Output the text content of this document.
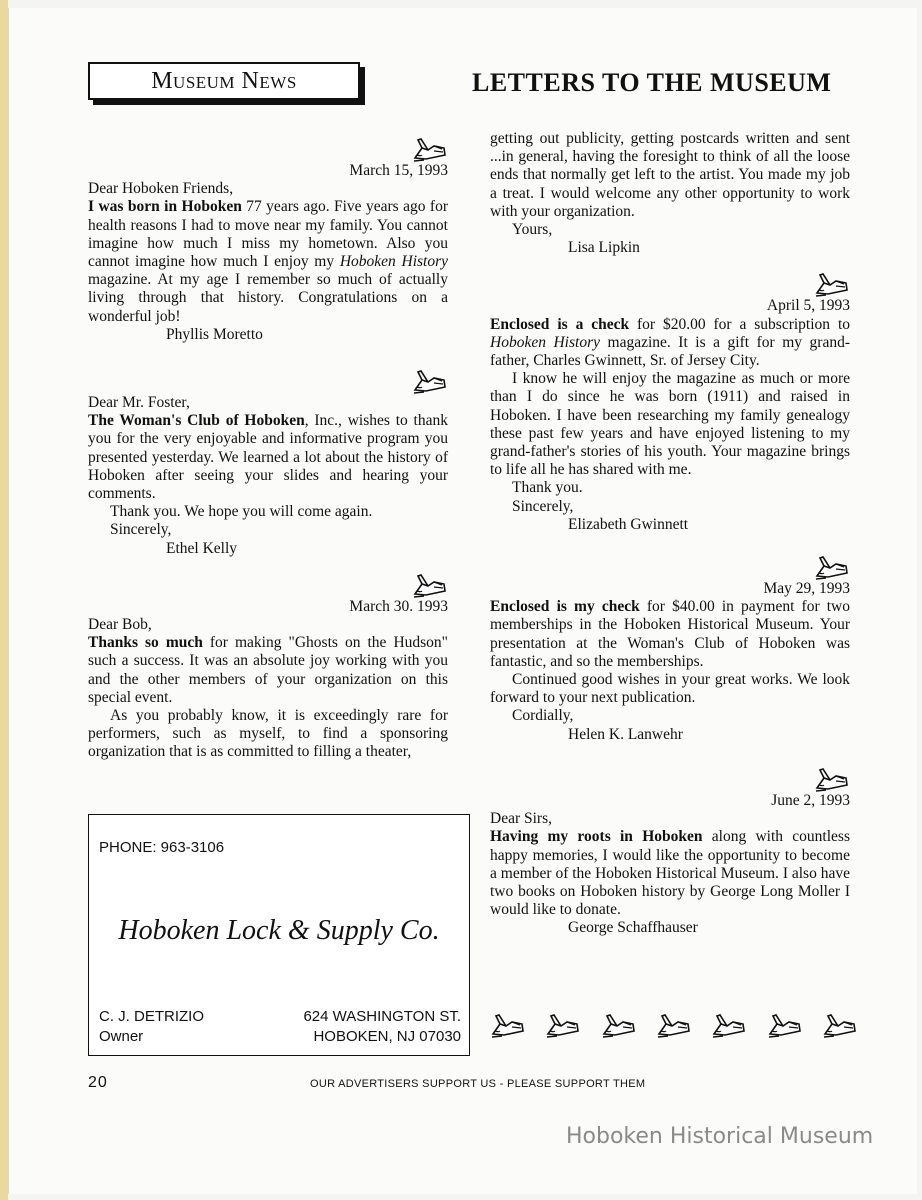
Museum News	LETTERS TO THE MUSEUM

March 15, 1993

Dear Hoboken Friends,

I was born in Hoboken 77 years ago. Five years ago for health reasons I had to move near my family. You cannot imagine how much I miss my hometown. Also you cannot imagine how much I enjoy my Hoboken History magazine. At my age I remember so much of actually living through that history. Congratulations on a wonderful job!

Phyllis Moretto

Dear Mr. Foster,

The Woman's Club of Hoboken, Inc., wishes to thank you for the very enjoyable and informative program you presented yesterday. We learned a lot about the history of Hoboken after seeing your slides and hearing your comments.

Thank you. We hope you will come again.

Sincerely,

Ethel Kelly

March 30. 1993

Dear Bob,

Thanks so much for making "Ghosts on the Hudson" such a success. It was an absolute joy working with you and the other members of your organization on this special event.

As you probably know, it is exceedingly rare for performers, such as myself, to find a sponsoring organization that is as committed to filling a theater,

getting out publicity, getting postcards written and sent ...in general, having the foresight to think of all the loose ends that normally get left to the artist. You made my job a treat. I would welcome any other opportunity to work with your organization.

Yours,

Lisa Lipkin

April 5, 1993

Enclosed is a check for $20.00 for a subscription to Hoboken History magazine. It is a gift for my grand-father, Charles Gwinnett, Sr. of Jersey City.

I know he will enjoy the magazine as much or more than I do since he was born (1911) and raised in Hoboken. I have been researching my family genealogy these past few years and have enjoyed listening to my grand-father's stories of his youth. Your magazine brings to life all he has shared with me.

Thank you.

Sincerely,

Elizabeth Gwinnett

May 29, 1993

Enclosed is my check for $40.00 in payment for two memberships in the Hoboken Historical Museum. Your presentation at the Woman's Club of Hoboken was fantastic, and so the memberships.

Continued good wishes in your great works. We look forward to your next publication.

Cordially,

Helen K. Lanwehr

June 2, 1993

Dear Sirs,

Having my roots in Hoboken along with countless happy memories, I would like the opportunity to become a member of the Hoboken Historical Museum. I also have two books on Hoboken history by George Long Moller I would like to donate.

George Schaffhauser

PHONE: 963-3106
Hoboken Lock & Supply Co.
C. J. DETRIZIO
Owner
624 WASHINGTON ST.
HOBOKEN, NJ 07030
20	OUR ADVERTISERS SUPPORT US - PLEASE SUPPORT THEM
Hoboken Historical Museum
